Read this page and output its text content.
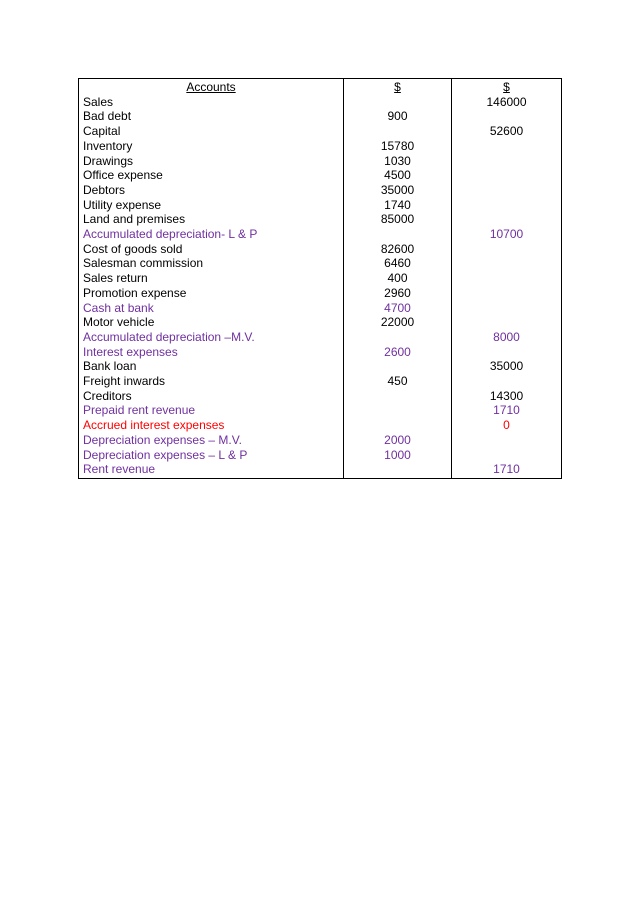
Accounts	$	$
Sales		146000
Bad debt	900	
Capital		52600
Inventory	15780	
Drawings	1030	
Office expense	4500	
Debtors	35000	
Utility expense	1740	
Land and premises	85000	
Accumulated depreciation- L & P		10700
Cost of goods sold	82600	
Salesman commission	6460	
Sales return	400	
Promotion expense	2960	
Cash at bank	4700	
Motor vehicle	22000	
Accumulated depreciation –M.V.		8000
Interest expenses	2600	
Bank loan		35000
Freight inwards	450	
Creditors		14300
Prepaid rent revenue		1710
Accrued interest expenses		0
Depreciation expenses – M.V.	2000	
Depreciation expenses – L & P	1000	
Rent revenue		1710
